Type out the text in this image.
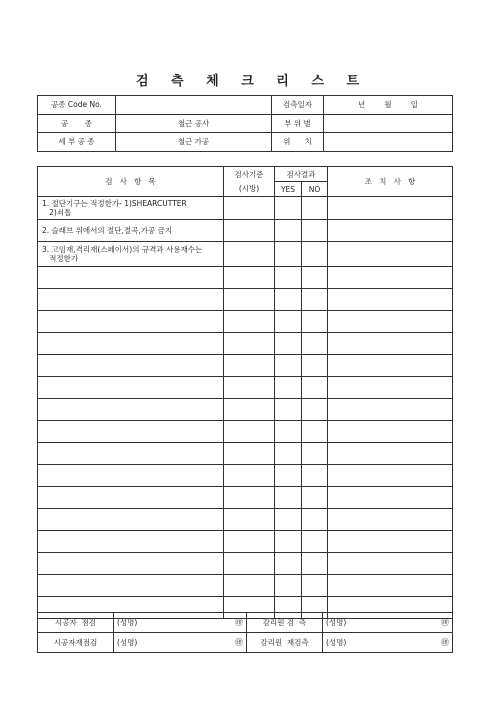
검 측 체 크 리 스 트
공종 Code No.		검측일자	년        월        일
공       종	철근 공사	부 위 별	
세 부 공 종	철근 가공	위      치	
검   사   항   목	검사기준	검사결과		조   치   사   항
	(시방)	YES	NO	
1. 절단기구는 적정한가- 1)SHEARCUTTER
2)쇠톱				
2. 슬래브 위에서의 절단,절곡,가공 금지				
3. 고임재,격리재(스페이서)의 규격과 사용재수는
적정한가				

시공자  점검	(성명) ㊞	감리원 검  측	(성명) ㊞

시공자재점검	(성명) ㊞	감리원  재검측	(성명) ㊞
